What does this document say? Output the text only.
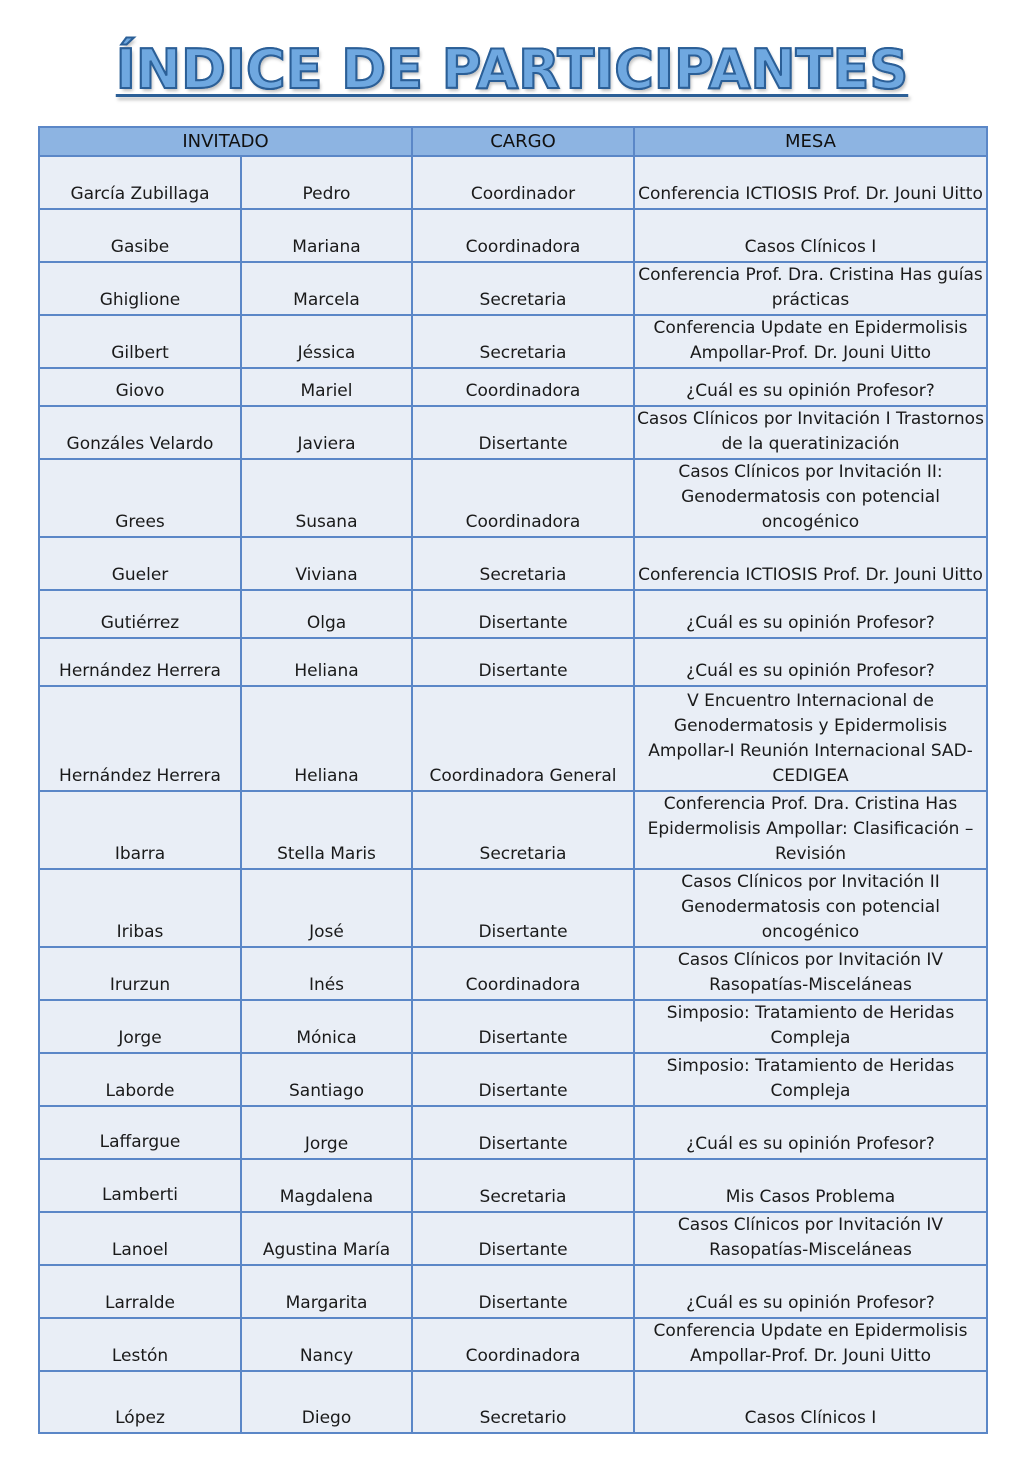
ÍNDICE DE PARTICIPANTES
INVITADO		CARGO	MESA
García Zubillaga	Pedro	Coordinador	Conferencia ICTIOSIS Prof. Dr. Jouni Uitto
Gasibe	Mariana	Coordinadora	Casos Clínicos I
Ghiglione	Marcela	Secretaria	Conferencia Prof. Dra. Cristina Has guías prácticas
Gilbert	Jéssica	Secretaria	Conferencia Update en Epidermolisis Ampollar-Prof. Dr. Jouni Uitto
Giovo	Mariel	Coordinadora	¿Cuál es su opinión Profesor?
Gonzáles Velardo	Javiera	Disertante	Casos Clínicos por Invitación I Trastornos de la queratinización
Grees	Susana	Coordinadora	Casos Clínicos por Invitación II: Genodermatosis con potencial oncogénico
Gueler	Viviana	Secretaria	Conferencia ICTIOSIS Prof. Dr. Jouni Uitto
Gutiérrez	Olga	Disertante	¿Cuál es su opinión Profesor?
Hernández Herrera	Heliana	Disertante	¿Cuál es su opinión Profesor?
Hernández Herrera	Heliana	Coordinadora General	V Encuentro Internacional de Genodermatosis y Epidermolisis Ampollar-I Reunión Internacional SAD- CEDIGEA
Ibarra	Stella Maris	Secretaria	Conferencia Prof. Dra. Cristina Has Epidermolisis Ampollar: Clasificación – Revisión
Iribas	José	Disertante	Casos Clínicos por Invitación II Genodermatosis con potencial oncogénico
Irurzun	Inés	Coordinadora	Casos Clínicos por Invitación IV Rasopatías-Misceláneas
Jorge	Mónica	Disertante	Simposio: Tratamiento de Heridas Compleja
Laborde	Santiago	Disertante	Simposio: Tratamiento de Heridas Compleja
Laffargue	Jorge	Disertante	¿Cuál es su opinión Profesor?
Lamberti	Magdalena	Secretaria	Mis Casos Problema
Lanoel	Agustina María	Disertante	Casos Clínicos por Invitación IV Rasopatías-Misceláneas
Larralde	Margarita	Disertante	¿Cuál es su opinión Profesor?
Lestón	Nancy	Coordinadora	Conferencia Update en Epidermolisis Ampollar-Prof. Dr. Jouni Uitto
López	Diego	Secretario	Casos Clínicos I
